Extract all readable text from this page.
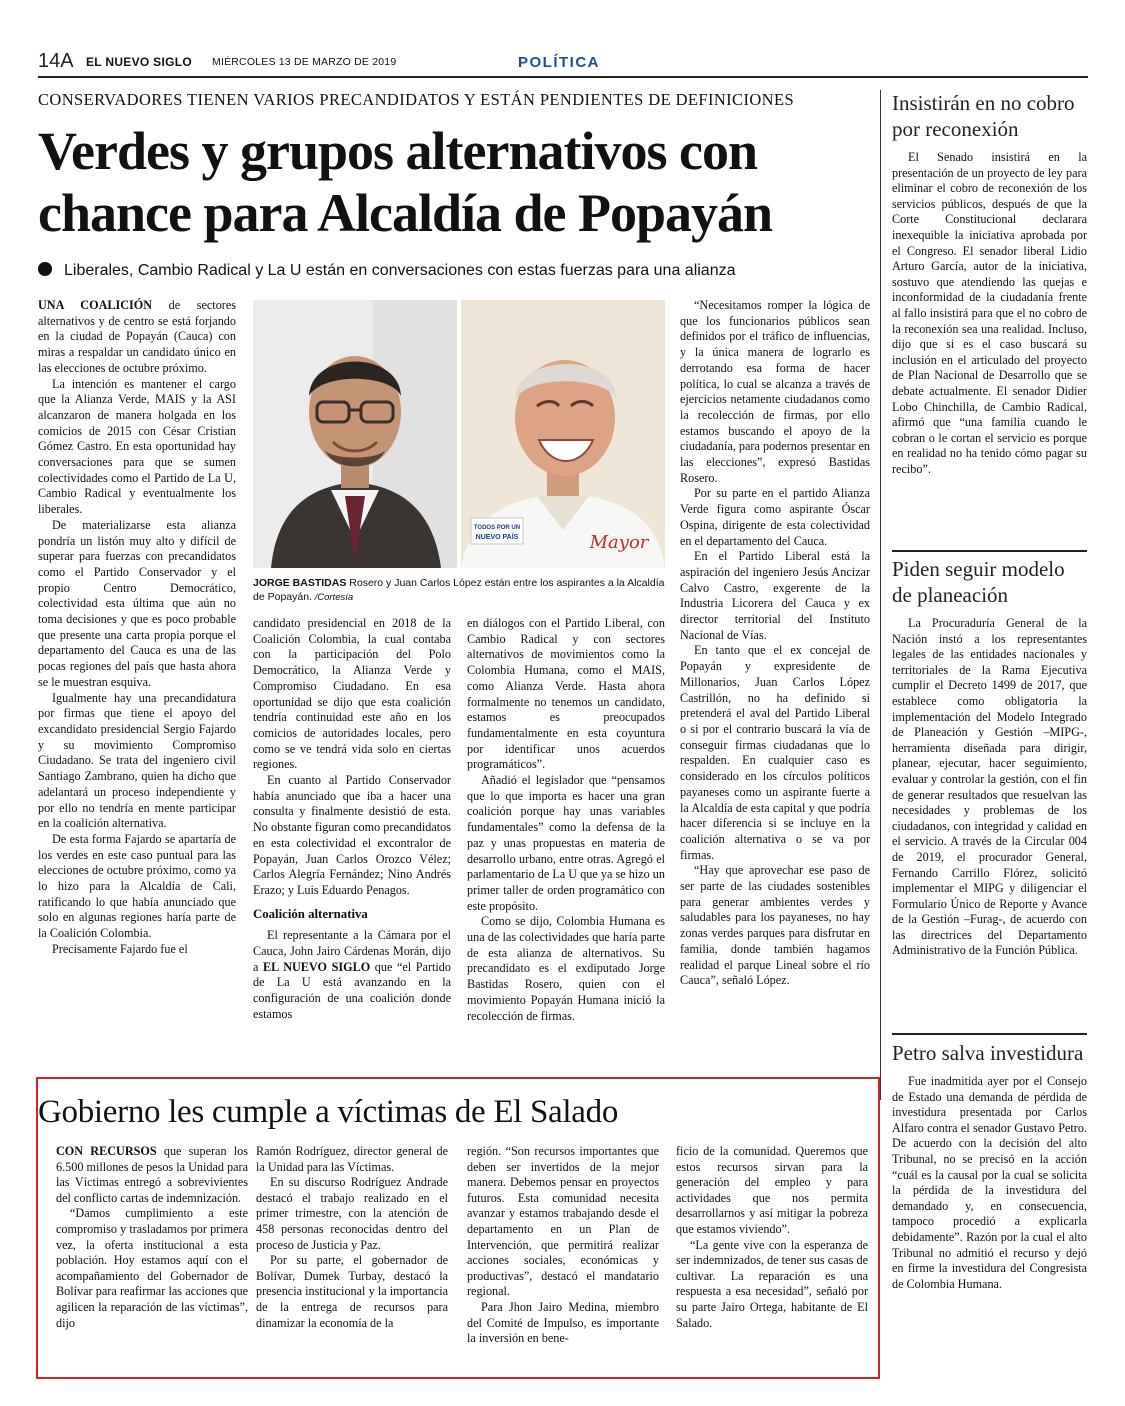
14A EL NUEVO SIGLO MIÉRCOLES 13 DE MARZO DE 2019	POLÍTICA
CONSERVADORES TIENEN VARIOS PRECANDIDATOS Y ESTÁN PENDIENTES DE DEFINICIONES
Verdes y grupos alternativos con chance para Alcaldía de Popayán
Liberales, Cambio Radical y La U están en conversaciones con estas fuerzas para una alianza

UNA COALICIÓN de sectores alternativos y de centro se está forjando en la ciudad de Popayán (Cauca) con miras a respaldar un candidato único en las elecciones de octubre próximo.

La intención es mantener el cargo que la Alianza Verde, MAIS y la ASI alcanzaron de manera holgada en los comicios de 2015 con César Cristian Gómez Castro. En esta oportunidad hay conversaciones para que se sumen colectividades como el Partido de La U, Cambio Radical y eventualmente los liberales.

De materializarse esta alianza pondría un listón muy alto y difícil de superar para fuerzas con precandidatos como el Partido Conservador y el propio Centro Democrático, colectividad esta última que aún no toma decisiones y que es poco probable que presente una carta propia porque el departamento del Cauca es una de las pocas regiones del país que hasta ahora se le muestran esquiva.

Igualmente hay una precandidatura por firmas que tiene el apoyo del excandidato presidencial Sergio Fajardo y su movimiento Compromiso Ciudadano. Se trata del ingeniero civil Santiago Zambrano, quien ha dicho que adelantará un proceso independiente y por ello no tendría en mente participar en la coalición alternativa.

De esta forma Fajardo se apartaría de los verdes en este caso puntual para las elecciones de octubre próximo, como ya lo hizo para la Alcaldía de Cali, ratificando lo que había anunciado que solo en algunas regiones haría parte de la Coalición Colombia.

Precisamente Fajardo fue el

TODOS POR UN
NUEVO PAÍS	Mayor
JORGE BASTIDAS Rosero y Juan Carlos López están entre los aspirantes a la Alcaldía de Popayán. /Cortesía

candidato presidencial en 2018 de la Coalición Colombia, la cual contaba con la participación del Polo Democrático, la Alianza Verde y Compromiso Ciudadano. En esa oportunidad se dijo que esta coalición tendría continuidad este año en los comicios de autoridades locales, pero como se ve tendrá vida solo en ciertas regiones.

En cuanto al Partido Conservador había anunciado que iba a hacer una consulta y finalmente desistió de esta. No obstante figuran como precandidatos en esta colectividad el excontralor de Popayán, Juan Carlos Orozco Vélez; Carlos Alegría Fernández; Nino Andrés Erazo; y Luis Eduardo Penagos.

Coalición alternativa

El representante a la Cámara por el Cauca, John Jairo Cárdenas Morán, dijo a EL NUEVO SIGLO que “el Partido de La U está avanzando en la configuración de una coalición donde estamos

en diálogos con el Partido Liberal, con Cambio Radical y con sectores alternativos de movimientos como la Colombia Humana, como el MAIS, como Alianza Verde. Hasta ahora formalmente no tenemos un candidato, estamos es preocupados fundamentalmente en esta coyuntura por identificar unos acuerdos programáticos”.

Añadió el legislador que “pensamos que lo que importa es hacer una gran coalición porque hay unas variables fundamentales” como la defensa de la paz y unas propuestas en materia de desarrollo urbano, entre otras. Agregó el parlamentario de La U que ya se hizo un primer taller de orden programático con este propósito.

Como se dijo, Colombia Humana es una de las colectividades que haría parte de esta alianza de alternativos. Su precandidato es el exdiputado Jorge Bastidas Rosero, quien con el movimiento Popayán Humana inició la recolección de firmas.

“Necesitamos romper la lógica de que los funcionarios públicos sean definidos por el tráfico de influencias, y la única manera de lograrlo es derrotando esa forma de hacer política, lo cual se alcanza a través de ejercicios netamente ciudadanos como la recolección de firmas, por ello estamos buscando el apoyo de la ciudadanía, para podernos presentar en las elecciones”, expresó Bastidas Rosero.

Por su parte en el partido Alianza Verde figura como aspirante Óscar Ospina, dirigente de esta colectividad en el departamento del Cauca.

En el Partido Liberal está la aspiración del ingeniero Jesús Ancizar Calvo Castro, exgerente de la Industria Licorera del Cauca y ex director territorial del Instituto Nacional de Vías.

En tanto que el ex concejal de Popayán y expresidente de Millonarios, Juan Carlos López Castrillón, no ha definido si pretenderá el aval del Partido Liberal o si por el contrario buscará la vía de conseguir firmas ciudadanas que lo respalden. En cualquier caso es considerado en los círculos políticos payaneses como un aspirante fuerte a la Alcaldía de esta capital y que podría hacer diferencia si se incluye en la coalición alternativa o se va por firmas.

“Hay que aprovechar ese paso de ser parte de las ciudades sostenibles para generar ambientes verdes y saludables para los payaneses, no hay zonas verdes parques para disfrutar en familia, donde también hagamos realidad el parque Lineal sobre el río Cauca”, señaló López.

Insistirán en no cobro por reconexión
El Senado insistirá en la presentación de un proyecto de ley para eliminar el cobro de reconexión de los servicios públicos, después de que la Corte Constitucional declarara inexequible la iniciativa aprobada por el Congreso. El senador liberal Lidio Arturo García, autor de la iniciativa, sostuvo que atendiendo las quejas e inconformidad de la ciudadanía frente al fallo insistirá para que el no cobro de la reconexión sea una realidad. Incluso, dijo que si es el caso buscará su inclusión en el articulado del proyecto de Plan Nacional de Desarrollo que se debate actualmente. El senador Didier Lobo Chinchilla, de Cambio Radical, afirmó que “una familia cuando le cobran o le cortan el servicio es porque en realidad no ha tenido cómo pagar su recibo”.
Piden seguir modelo de planeación
La Procuraduría General de la Nación instó a los representantes legales de las entidades nacionales y territoriales de la Rama Ejecutiva cumplir el Decreto 1499 de 2017, que establece como obligatoria la implementación del Modelo Integrado de Planeación y Gestión –MIPG-, herramienta diseñada para dirigir, planear, ejecutar, hacer seguimiento, evaluar y controlar la gestión, con el fin de generar resultados que resuelvan las necesidades y problemas de los ciudadanos, con integridad y calidad en el servicio. A través de la Circular 004 de 2019, el procurador General, Fernando Carrillo Flórez, solicitó implementar el MIPG y diligenciar el Formulario Único de Reporte y Avance de la Gestión –Furag-, de acuerdo con las directrices del Departamento Administrativo de la Función Pública.
Petro salva investidura
Fue inadmitida ayer por el Consejo de Estado una demanda de pérdida de investidura presentada por Carlos Alfaro contra el senador Gustavo Petro. De acuerdo con la decisión del alto Tribunal, no se precisó en la acción “cuál es la causal por la cual se solicita la pérdida de la investidura del demandado y, en consecuencia, tampoco procedió a explicarla debidamente”. Razón por la cual el alto Tribunal no admitió el recurso y dejó en firme la investidura del Congresista de Colombia Humana.
Gobierno les cumple a víctimas de El Salado

CON RECURSOS que superan los 6.500 millones de pesos la Unidad para las Víctimas entregó a sobrevivientes del conflicto cartas de indemnización.

“Damos cumplimiento a este compromiso y trasladamos por primera vez, la oferta institucional a esta población. Hoy estamos aquí con el acompañamiento del Gobernador de Bolívar para reafirmar las acciones que agilicen la reparación de las víctimas”, dijo

Ramón Rodríguez, director general de la Unidad para las Víctimas.

En su discurso Rodríguez Andrade destacó el trabajo realizado en el primer trimestre, con la atención de 458 personas reconocidas dentro del proceso de Justicia y Paz.

Por su parte, el gobernador de Bolívar, Dumek Turbay, destacó la presencia institucional y la importancia de la entrega de recursos para dinamizar la economía de la

región. “Son recursos importantes que deben ser invertidos de la mejor manera. Debemos pensar en proyectos futuros. Esta comunidad necesita avanzar y estamos trabajando desde el departamento en un Plan de Intervención, que permitirá realizar acciones sociales, económicas y productivas”, destacó el mandatario regional.

Para Jhon Jairo Medina, miembro del Comité de Impulso, es importante la inversión en bene-

ficio de la comunidad. Queremos que estos recursos sirvan para la generación del empleo y para actividades que nos permita desarrollarnos y así mitigar la pobreza que estamos viviendo”.

“La gente vive con la esperanza de ser indemnizados, de tener sus casas de cultivar. La reparación es una respuesta a esa necesidad”, señaló por su parte Jairo Ortega, habitante de El Salado.
